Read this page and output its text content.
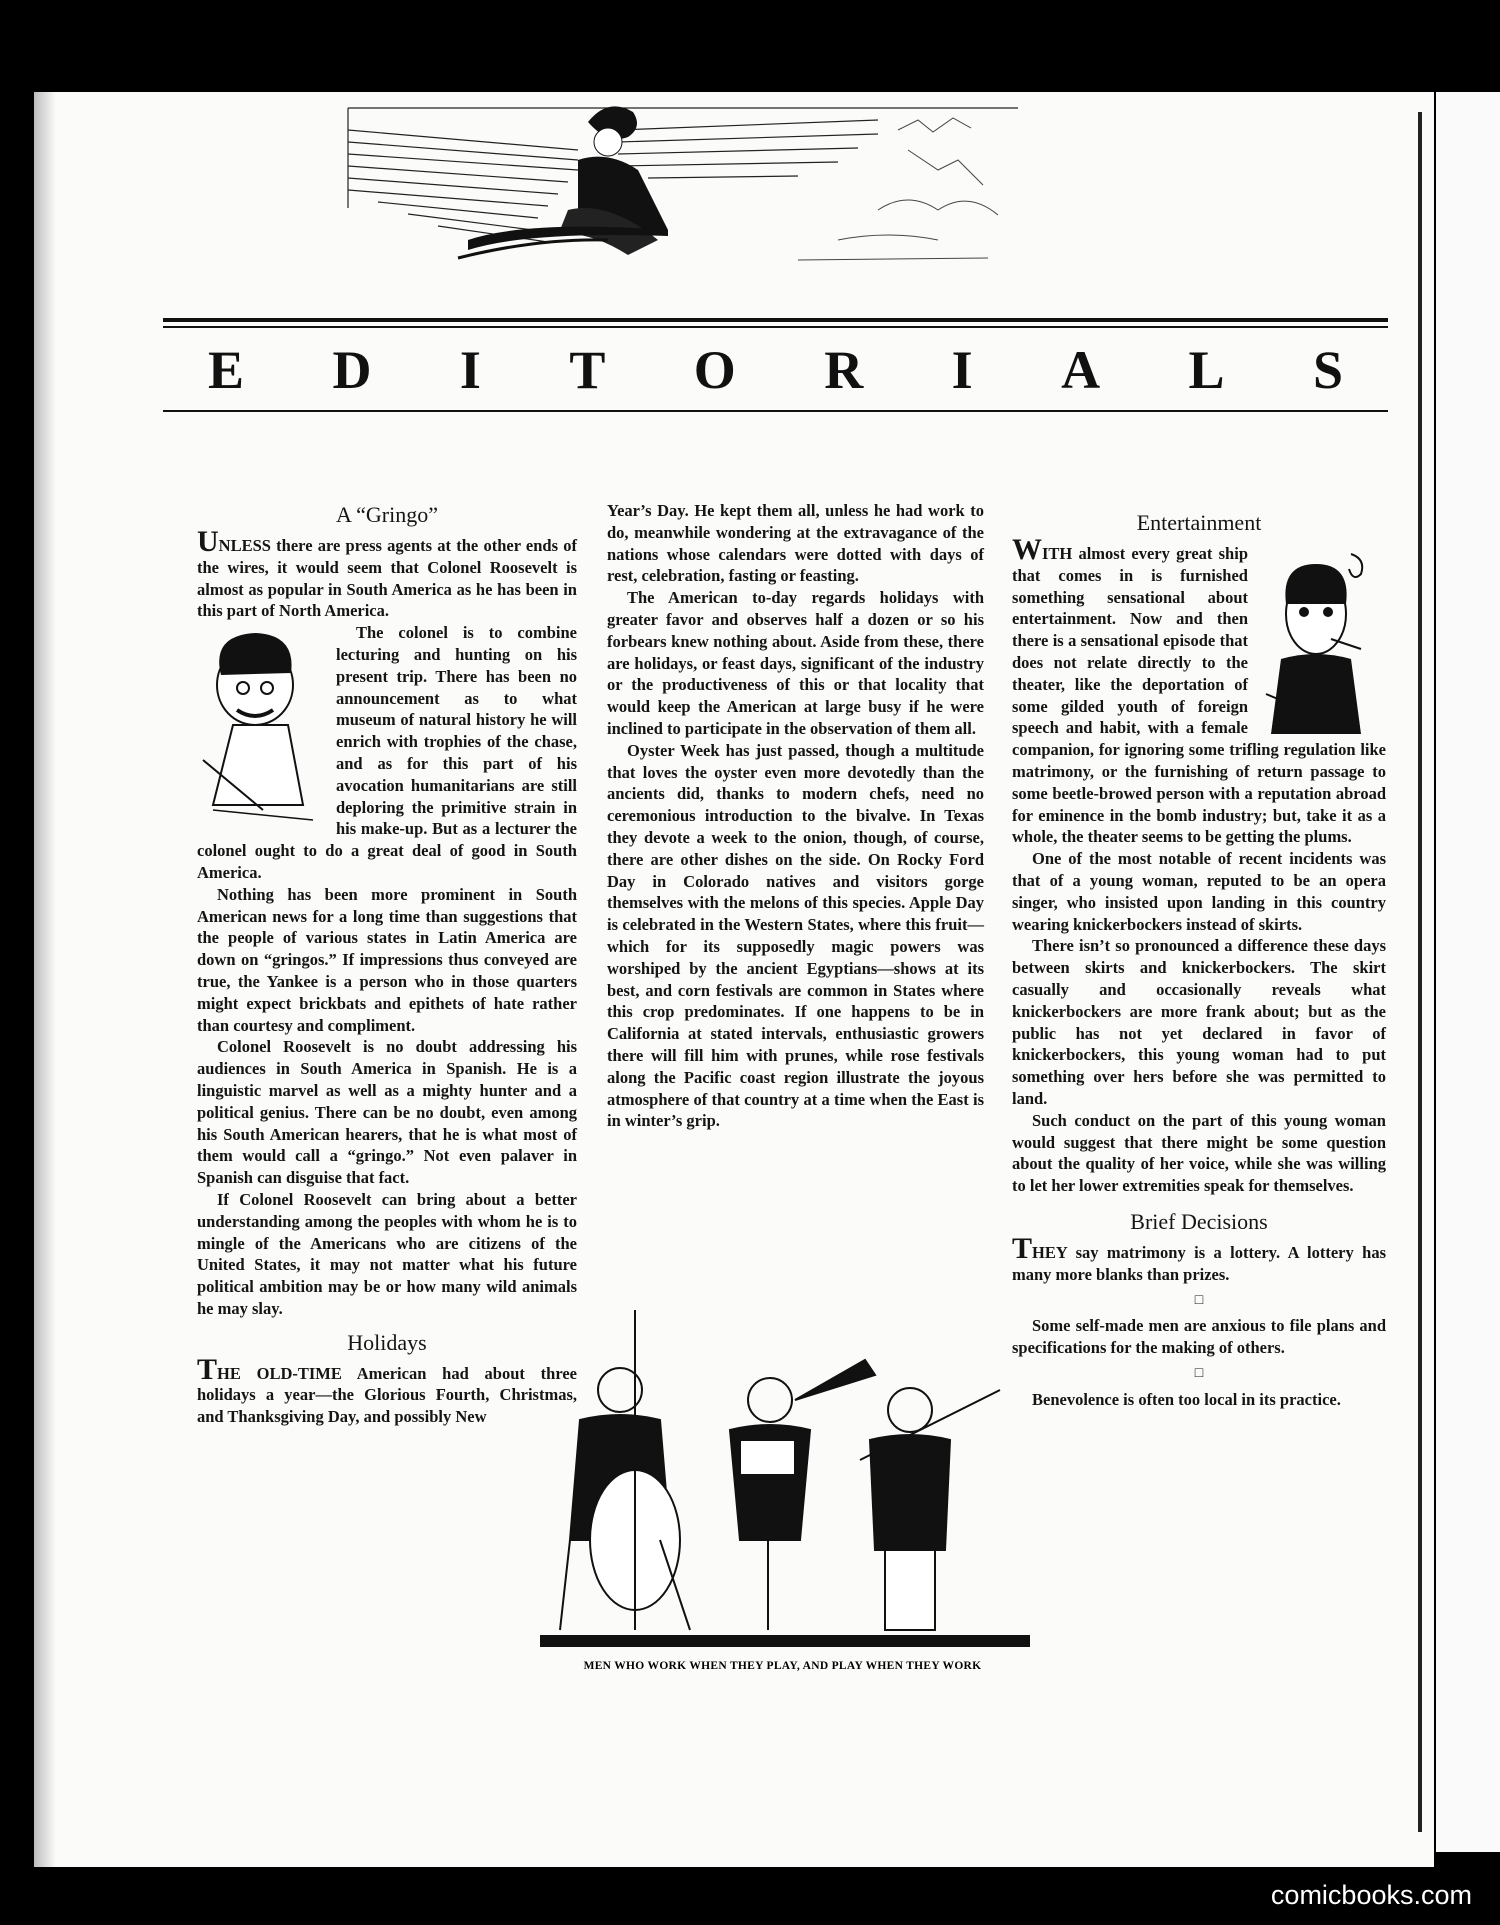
E D I T O R I A L S
A “Gringo”

UNLESS there are press agents at the other ends of the wires, it would seem that Colonel Roosevelt is almost as popular in South America as he has been in this part of North America.

The colonel is to combine lecturing and hunting on his present trip. There has been no announcement as to what museum of natural history he will enrich with trophies of the chase, and as for this part of his avocation humanitarians are still deploring the primitive strain in his make-up. But as a lecturer the colonel ought to do a great deal of good in South America.

Nothing has been more prominent in South American news for a long time than suggestions that the people of various states in Latin America are down on “gringos.” If impressions thus conveyed are true, the Yankee is a person who in those quarters might expect brickbats and epithets of hate rather than courtesy and compliment.

Colonel Roosevelt is no doubt addressing his audiences in South America in Spanish. He is a linguistic marvel as well as a mighty hunter and a political genius. There can be no doubt, even among his South American hearers, that he is what most of them would call a “gringo.” Not even palaver in Spanish can disguise that fact.

If Colonel Roosevelt can bring about a better understanding among the peoples with whom he is to mingle of the Americans who are citizens of the United States, it may not matter what his future political ambition may be or how many wild animals he may slay.

Holidays

THE OLD-TIME American had about three holidays a year—the Glorious Fourth, Christmas, and Thanksgiving Day, and possibly New

Year’s Day. He kept them all, unless he had work to do, meanwhile wondering at the extravagance of the nations whose calendars were dotted with days of rest, celebration, fasting or feasting.

The American to-day regards holidays with greater favor and observes half a dozen or so his forbears knew nothing about. Aside from these, there are holidays, or feast days, significant of the industry or the productiveness of this or that locality that would keep the American at large busy if he were inclined to participate in the observation of them all.

Oyster Week has just passed, though a multitude that loves the oyster even more devotedly than the ancients did, thanks to modern chefs, need no ceremonious introduction to the bivalve. In Texas they devote a week to the onion, though, of course, there are other dishes on the side. On Rocky Ford Day in Colorado natives and visitors gorge themselves with the melons of this species. Apple Day is celebrated in the Western States, where this fruit—which for its supposedly magic powers was worshiped by the ancient Egyptians—shows at its best, and corn festivals are common in States where this crop predominates. If one happens to be in California at stated intervals, enthusiastic growers there will fill him with prunes, while rose festivals along the Pacific coast region illustrate the joyous atmosphere of that country at a time when the East is in winter’s grip.

MEN WHO WORK WHEN THEY PLAY, AND PLAY WHEN THEY WORK
Entertainment

W
ITH almost every great ship that comes in is furnished something sensational about entertainment. Now and then there is a sensational episode that does not relate directly to the theater, like the deportation of some gilded youth of foreign speech and habit, with a female companion, for ignoring some trifling regulation like matrimony, or the furnishing of return passage to some beetle-browed person with a reputation abroad for eminence in the bomb industry; but, take it as a whole, the theater seems to be getting the plums.

One of the most notable of recent incidents was that of a young woman, reputed to be an opera singer, who insisted upon landing in this country wearing knickerbockers instead of skirts.

There isn’t so pronounced a difference these days between skirts and knickerbockers. The skirt casually and occasionally reveals what knickerbockers are more frank about; but as the public has not yet declared in favor of knickerbockers, this young woman had to put something over hers before she was permitted to land.

Such conduct on the part of this young woman would suggest that there might be some question about the quality of her voice, while she was willing to let her lower extremities speak for themselves.

Brief Decisions

THEY say matrimony is a lottery. A lottery has many more blanks than prizes.

□

Some self-made men are anxious to file plans and specifications for the making of others.

□

Benevolence is often too local in its practice.

comicbooks.com
